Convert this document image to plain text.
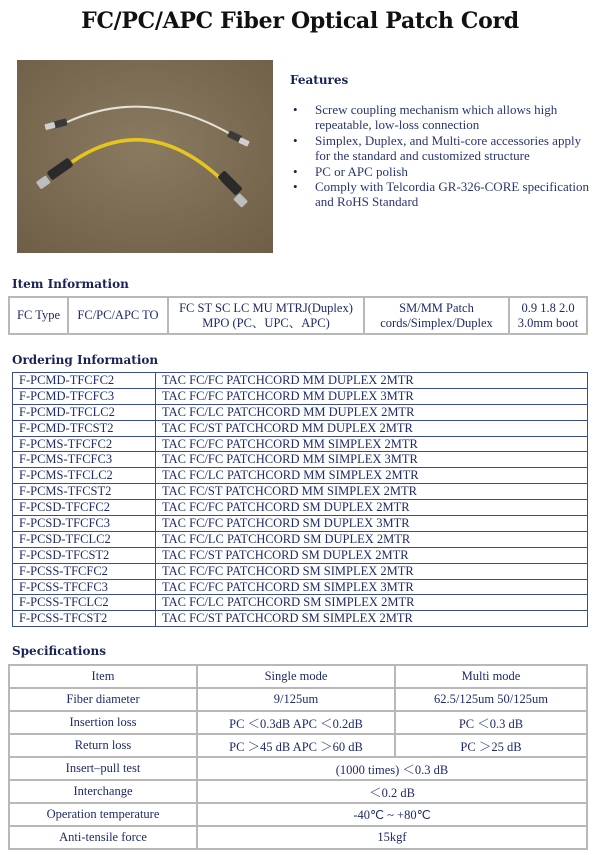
FC/PC/APC Fiber Optical Patch Cord
Features
• Screw coupling mechanism which allows high repeatable, low-loss connection
• Simplex, Duplex, and Multi-core accessories apply for the standard and customized structure
• PC or APC polish
• Comply with Telcordia GR-326-CORE specification and RoHS Standard
Item Information
FC Type	FC/PC/APC TO	FC ST SC LC MU MTRJ(Duplex) MPO (PC、UPC、APC)	SM/MM Patch cords/Simplex/Duplex	0.9 1.8 2.0 3.0mm boot
Ordering Information
F-PCMD-TFCFC2	TAC FC/FC PATCHCORD MM DUPLEX 2MTR
F-PCMD-TFCFC3	TAC FC/FC PATCHCORD MM DUPLEX 3MTR
F-PCMD-TFCLC2	TAC FC/LC PATCHCORD MM DUPLEX 2MTR
F-PCMD-TFCST2	TAC FC/ST PATCHCORD MM DUPLEX 2MTR
F-PCMS-TFCFC2	TAC FC/FC PATCHCORD MM SIMPLEX 2MTR
F-PCMS-TFCFC3	TAC FC/FC PATCHCORD MM SIMPLEX 3MTR
F-PCMS-TFCLC2	TAC FC/LC PATCHCORD MM SIMPLEX 2MTR
F-PCMS-TFCST2	TAC FC/ST PATCHCORD MM SIMPLEX 2MTR
F-PCSD-TFCFC2	TAC FC/FC PATCHCORD SM DUPLEX 2MTR
F-PCSD-TFCFC3	TAC FC/FC PATCHCORD SM DUPLEX 3MTR
F-PCSD-TFCLC2	TAC FC/LC PATCHCORD SM DUPLEX 2MTR
F-PCSD-TFCST2	TAC FC/ST PATCHCORD SM DUPLEX 2MTR
F-PCSS-TFCFC2	TAC FC/FC PATCHCORD SM SIMPLEX 2MTR
F-PCSS-TFCFC3	TAC FC/FC PATCHCORD SM SIMPLEX 3MTR
F-PCSS-TFCLC2	TAC FC/LC PATCHCORD SM SIMPLEX 2MTR
F-PCSS-TFCST2	TAC FC/ST PATCHCORD SM SIMPLEX 2MTR
Specifications
Item	Single mode	Multi mode
Fiber diameter	9/125um	62.5/125um 50/125um
Insertion loss	PC ＜0.3dB APC ＜0.2dB	PC ＜0.3 dB
Return loss	PC ＞45 dB APC ＞60 dB	PC ＞25 dB
Insert–pull test	(1000 times) ＜0.3 dB	
Interchange	＜0.2 dB	
Operation temperature	-40℃ ~ +80℃	
Anti-tensile force	15kgf	
